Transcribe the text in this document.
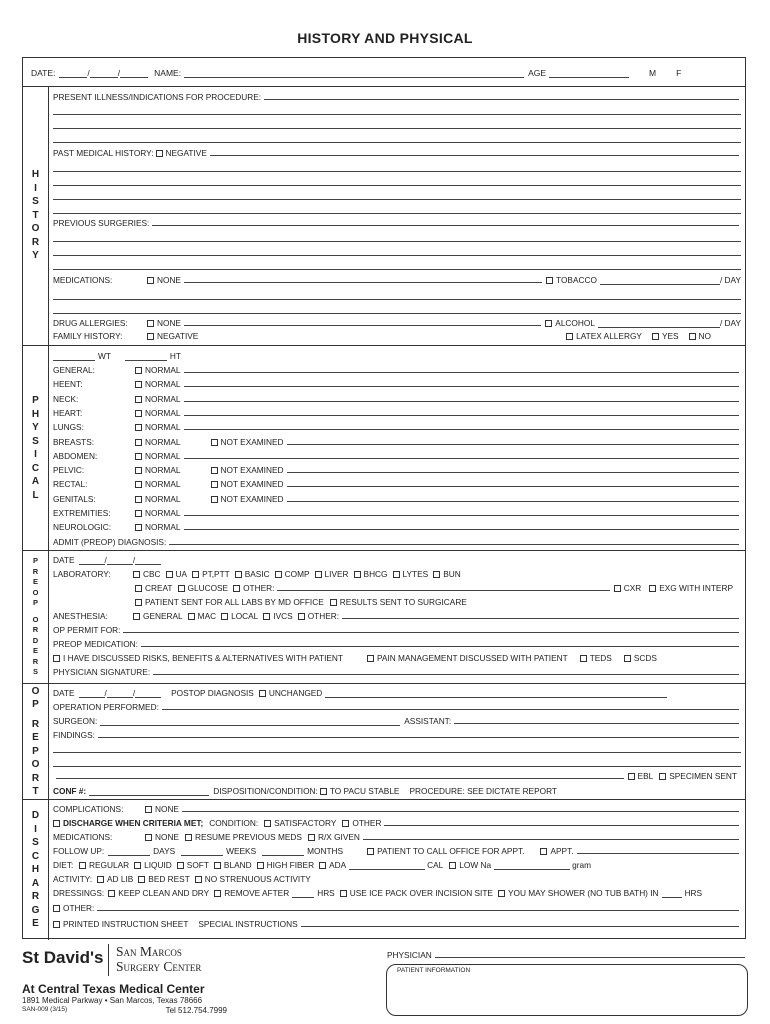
HISTORY AND PHYSICAL
DATE:	/	/	NAME:	AGE	M F
H
I
S
T
O
R
Y
PRESENT ILLNESS/INDICATIONS FOR PROCEDURE:
PAST MEDICAL HISTORY: NEGATIVE
PREVIOUS SURGERIES:
MEDICATIONS:	NONE	TOBACCO	/ DAY
DRUG ALLERGIES:	NONE	ALCOHOL	/ DAY
FAMILY HISTORY:	NEGATIVE	LATEX ALLERGY YES NO
P
H
Y
S
I
C
A
L
WT	HT
GENERAL:	NORMAL
HEENT:	NORMAL
NECK:	NORMAL
HEART:	NORMAL
LUNGS:	NORMAL
BREASTS:	NORMAL	NOT EXAMINED
ABDOMEN:	NORMAL
PELVIC:	NORMAL	NOT EXAMINED
RECTAL:	NORMAL	NOT EXAMINED
GENITALS:	NORMAL	NOT EXAMINED
EXTREMITIES:	NORMAL
NEUROLOGIC:	NORMAL
ADMIT (PREOP) DIAGNOSIS:
P
R
E
O
P
O
R
D
E
R
S
DATE	/	/
LABORATORY:	CBC UA PT,PTT BASIC COMP LIVER BHCG LYTES BUN
CREAT GLUCOSE OTHER:	CXR EXG WITH INTERP
PATIENT SENT FOR ALL LABS BY MD OFFICE RESULTS SENT TO SURGICARE
ANESTHESIA:	GENERAL MAC LOCAL IVCS OTHER:
OP PERMIT FOR:
PREOP MEDICATION:
I HAVE DISCUSSED RISKS, BENEFITS & ALTERNATIVES WITH PATIENT	PAIN MANAGEMENT DISCUSSED WITH PATIENT	TEDS	SCDS
PHYSICIAN SIGNATURE:
O
P
R
E
P
O
R
T
DATE	/	/	POSTOP DIAGNOSIS UNCHANGED
OPERATION PERFORMED:
SURGEON:	ASSISTANT:
FINDINGS:
EBL SPECIMEN SENT
CONF #:	DISPOSITION/CONDITION: TO PACU STABLE PROCEDURE: SEE DICTATE REPORT
D
I
S
C
H
A
R
G
E
COMPLICATIONS:	NONE
DISCHARGE WHEN CRITERIA MET; CONDITION: SATISFACTORY OTHER
MEDICATIONS:	NONE RESUME PREVIOUS MEDS R/X GIVEN
FOLLOW UP:	DAYS	WEEKS	MONTHS	PATIENT TO CALL OFFICE FOR APPT.	APPT.
DIET:	REGULAR LIQUID SOFT BLAND HIGH FIBER ADA	CAL LOW Na	gram
ACTIVITY:	AD LIB BED REST NO STRENUOUS ACTIVITY
DRESSINGS: KEEP CLEAN AND DRY REMOVE AFTER	HRS USE ICE PACK OVER INCISION SITE YOU MAY SHOWER (NO TUB BATH) IN	HRS
OTHER:
PRINTED INSTRUCTION SHEET SPECIAL INSTRUCTIONS
St David's San Marcos
Surgery Center
At Central Texas Medical Center
1891 Medical Parkway • San Marcos, Texas 78666
SAN-009 (3/15)	Tel 512.754.7999
PHYSICIAN
PATIENT INFORMATION
